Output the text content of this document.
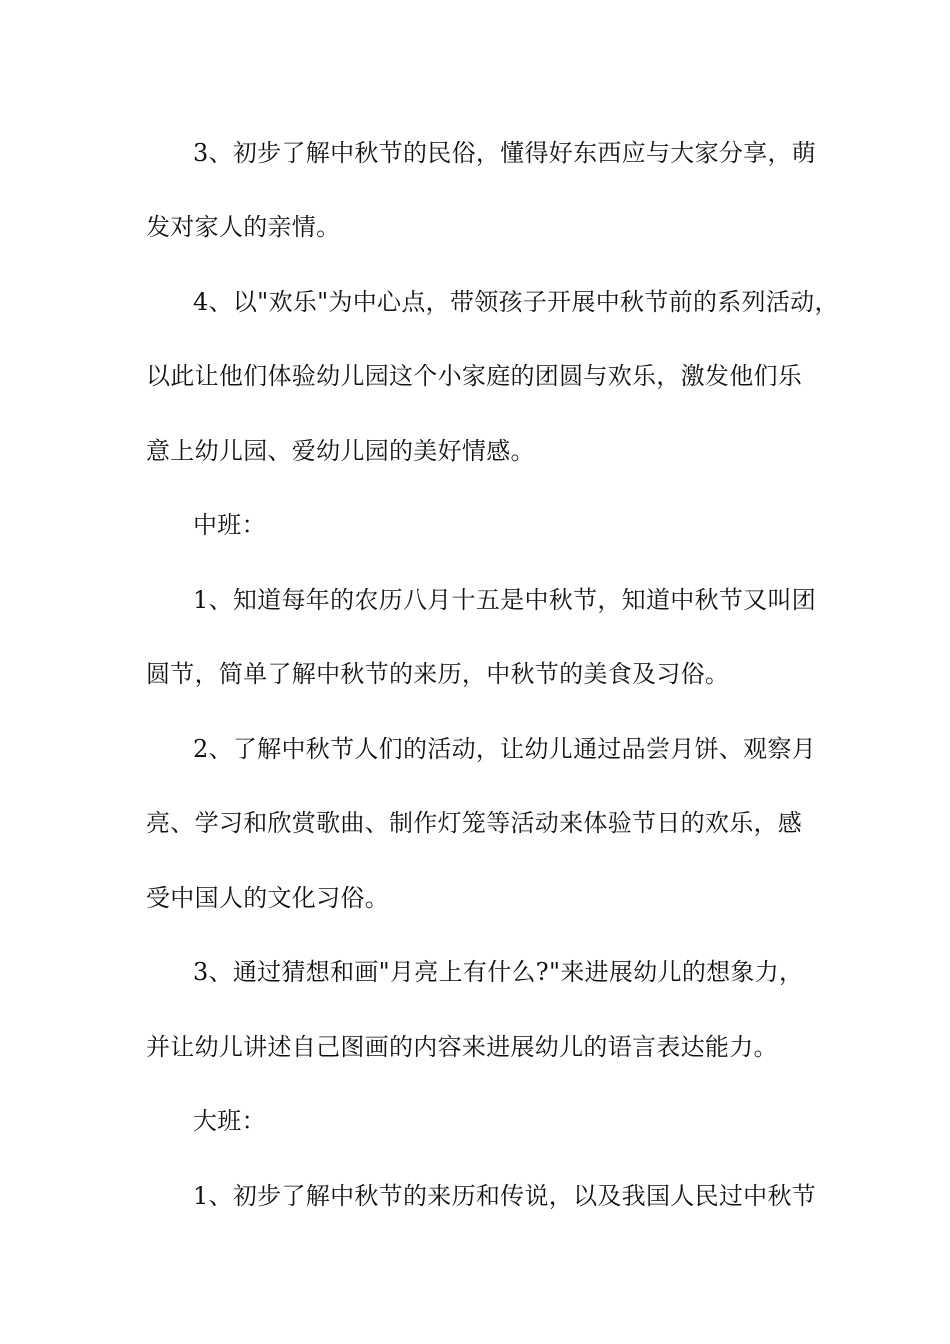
3、初步了解中秋节的民俗，懂得好东西应与大家分享，萌
发对家人的亲情。
4、以"欢乐"为中心点，带领孩子开展中秋节前的系列活动，
以此让他们体验幼儿园这个小家庭的团圆与欢乐，激发他们乐
意上幼儿园、爱幼儿园的美好情感。
中班：
1、知道每年的农历八月十五是中秋节，知道中秋节又叫团
圆节，简单了解中秋节的来历，中秋节的美食及习俗。
2、了解中秋节人们的活动，让幼儿通过品尝月饼、观察月
亮、学习和欣赏歌曲、制作灯笼等活动来体验节日的欢乐，感
受中国人的文化习俗。
3、通过猜想和画"月亮上有什么?"来进展幼儿的想象力，
并让幼儿讲述自己图画的内容来进展幼儿的语言表达能力。
大班：
1、初步了解中秋节的来历和传说，以及我国人民过中秋节
